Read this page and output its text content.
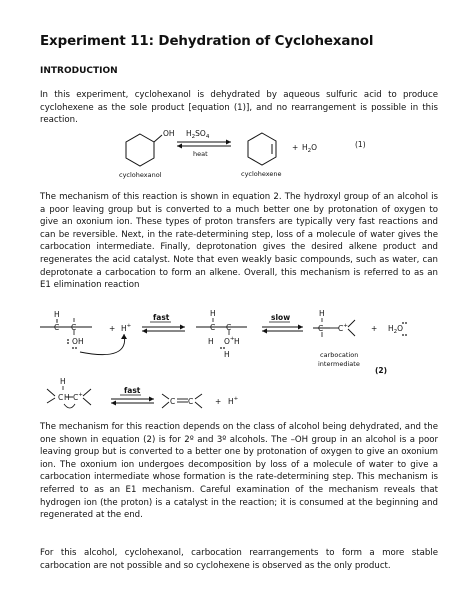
Experiment 11: Dehydration of Cyclohexanol
INTRODUCTION

In this experiment, cyclohexanol is dehydrated by aqueous sulfuric acid to produce cyclohexene as the sole product [equation (1)], and no rearrangement is possible in this reaction.

OH
cyclohexanol
$H_2SO_4$
heat
cyclohexene
+ $H_2O$	(1)

The mechanism of this reaction is shown in equation 2. The hydroxyl group of an alcohol is a poor leaving group but is converted to a much better one by protonation of oxygen to give an oxonium ion. These types of proton transfers are typically very fast reactions and can be reversible. Next, in the rate-determining step, loss of a molecule of water gives the carbocation intermediate. Finally, deprotonation gives the desired alkene product and regenerates the acid catalyst. Note that even weakly basic compounds, such as water, can deprotonate a carbocation to form an alkene. Overall, this mechanism is referred to as an E1 elimination reaction

H
C C
O H
+ H+
fast	H
C C
H O+ H
H
slow	H
C C+
carbocation
intermediate
+ $H_2O$
(2)
H
C H C+	fast
C C	+ H+

The mechanism for this reaction depends on the class of alcohol being dehydrated, and the one shown in equation (2) is for 2º and 3º alcohols. The –OH group in an alcohol is a poor leaving group but is converted to a better one by protonation of oxygen to give an oxonium ion. The oxonium ion undergoes decomposition by loss of a molecule of water to give a carbocation intermediate whose formation is the rate-determining step. This mechanism is referred to as an E1 mechanism. Careful examination of the mechanism reveals that hydrogen ion (the proton) is a catalyst in the reaction; it is consumed at the beginning and regenerated at the end.

For this alcohol, cyclohexanol, carbocation rearrangements to form a more stable carbocation are not possible and so cyclohexene is observed as the only product.
